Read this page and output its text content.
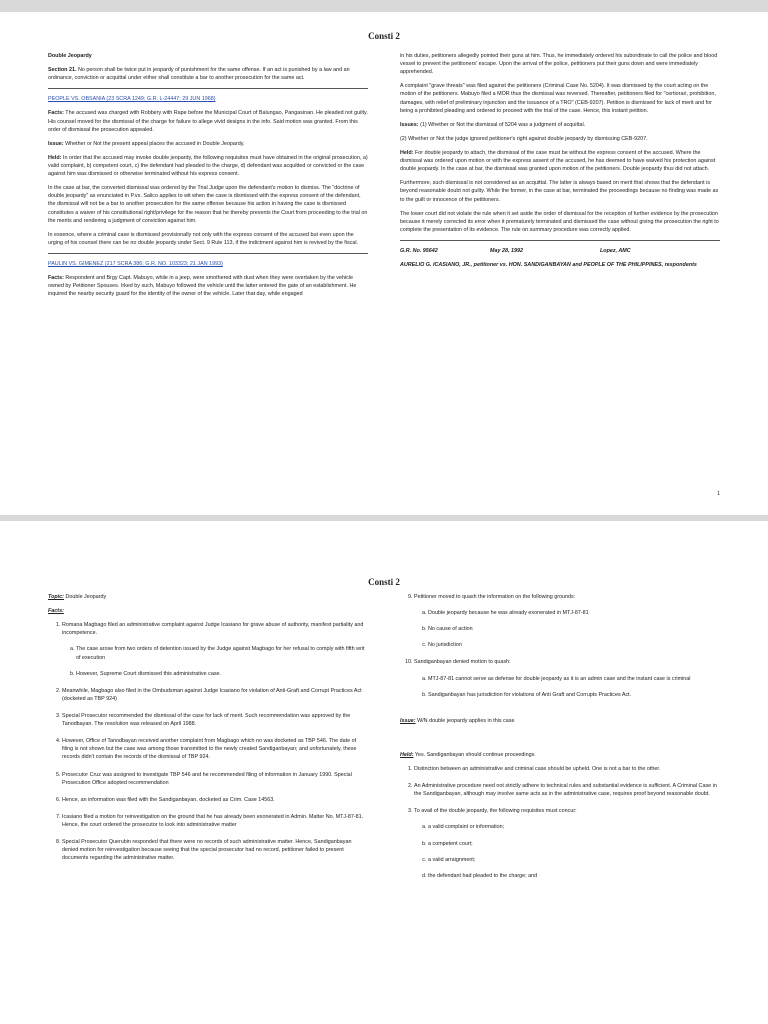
Consti 2

Double Jeopardy

Section 21. No person shall be twice put in jeopardy of punishment for the same offense. If an act is punished by a law and an ordinance, conviction or acquittal under either shall constitute a bar to another prosecution for the same act.

PEOPLE VS. OBSANIA (23 SCRA 1249; G.R. L-24447; 29 JUN 1968)

Facts: The accused was charged with Robbery with Rape before the Municipal Court of Balungao, Pangasinan. He pleaded not guilty. His counsel moved for the dismissal of the charge for failure to allege vivid designs in the info. Said motion was granted. From this order of dismissal the prosecution appealed.

Issue: Whether or Not the present appeal places the accused in Double Jeopardy.

Held: In order that the accused may invoke double jeopardy, the following requisites must have obtained in the original prosecution, a) valid complaint, b) competent court, c) the defendant had pleaded to the charge, d) defendant was acquitted or convicted or the case against him was dismissed or otherwise terminated without his express consent.

In the case at bar, the converted dismissal was ordered by the Trial Judge upon the defendant's motion to dismiss. The "doctrine of double jeopardy" as enunciated in P.vs. Salico applies to wit when the case is dismissed with the express consent of the defendant, the dismissal will not be a bar to another prosecution for the same offense because his action in having the case is dismissed constitutes a waiver of his constitutional right/privilege for the reason that he thereby prevents the Court from proceeding to the trial on the merits and rendering a judgment of conviction against him.

In essence, where a criminal case is dismissed provisionally not only with the express consent of the accused but even upon the urging of his counsel there can be no double jeopardy under Sect. 9 Rule 113, if the indictment against him is revived by the fiscal.

PAULIN VS. GIMENEZ (217 SCRA 386; G.R. NO. 103323; 21 JAN 1993)

Facts: Respondent and Brgy Capt. Mabuyo, while in a jeep, were smothered with dust when they were overtaken by the vehicle owned by Petitioner Spouses. Irked by such, Mabuyo followed the vehicle until the latter entered the gate of an establishment. He inquired the nearby security guard for the identity of the owner of the vehicle. Later that day, while engaged

in his duties, petitioners allegedly pointed their guns at him. Thus, he immediately ordered his subordinate to call the police and blood vessel to prevent the petitioners' escape. Upon the arrival of the police, petitioners put their guns down and were immediately apprehended.

A complaint "grave threats" was filed against the petitioners (Criminal Case No. 5204). It was dismissed by the court acting on the motion of the petitioners. Mabuyo filed a MOR thus the dismissal was reversed. Thereafter, petitioners filed for "certiorari, prohibition, damages, with relief of preliminary injunction and the issuance of a TRO" (CEB-9207). Petition is dismissed for lack of merit and for being a prohibited pleading and ordered to proceed with the trial of the case. Hence, this instant petition.

Issues: (1) Whether or Not the dismissal of 5204 was a judgment of acquittal.

(2) Whether or Not the judge ignored petitioner's right against double jeopardy by dismissing CEB-9207.

Held: For double jeopardy to attach, the dismissal of the case must be without the express consent of the accused. Where the dismissal was ordered upon motion or with the express assent of the accused, he has deemed to have waived his protection against double jeopardy. In the case at bar, the dismissal was granted upon motion of the petitioners. Double jeopardy thus did not attach.

Furthermore, such dismissal is not considered as an acquittal. The latter is always based on merit that shows that the defendant is beyond reasonable doubt not guilty. While the former, in the case at bar, terminated the proceedings because no finding was made as to the guilt or innocence of the petitioners.

The lower court did not violate the rule when it set aside the order of dismissal for the reception of further evidence by the prosecution because it merely corrected its error when it prematurely terminated and dismissed the case without giving the prosecution the right to complete the presentation of its evidence. The rule on summary procedure was correctly applied.

G.R. No. 95642	May 28, 1992	Lopez, AMC

AURELIO G. ICASIANO, JR., petitioner vs. HON. SANDIGANBAYAN and PEOPLE OF THE PHILIPPINES, respondents

1
Consti 2

Topic: Double Jeopardy

Facts:

1. Romana Magbago filed an administrative complaint against Judge Icasiano for grave abuse of authority, manifest partiality and incompetence.
a. The case arose from two orders of detention issued by the Judge against Magbago for her refusal to comply with fifth writ of execution
b. However, Supreme Court dismissed this administrative case.
2. Meanwhile, Magbago also filed in the Ombudsman against Judge Icasiano for violation of Anti-Graft and Corrupt Practices Act (docketed as TBP 924)
3. Special Prosecutor recommended the dismissal of the case for lack of merit. Such recommendation was approved by the Tanodbayan. The resolution was released on April 1988.
4. However, Office of Tanodbayan received another complaint from Magbago which no was docketed as TBP 546. The date of filing is not shown but the case was among those transmitted to the newly created Sandiganbayan; and unfortunately, these records didn't contain the records of the dismissal of TBP 924.
5. Prosecutor Cruz was assigned to investigate TBP 546 and he recommended filing of information in January 1990. Special Prosecution Office adopted recommendation
6. Hence, an information was filed with the Sandiganbayan, docketed as Crim. Case 14563.
7. Icasiano filed a motion for reinvestigation on the ground that he has already been exonerated in Admin. Matter No. MTJ-87-81. Hence, the court ordered the prosecutor to look into administrative matter
8. Special Prosecutor Querubin responded that there were no records of such administrative matter. Hence, Sandiganbayan denied motion for reinvestigation because seeing that the special prosecutor had no record, petitioner failed to present documents regarding the administrative matter.
9. Petitioner moved to quash the information on the following grounds:
a. Double jeopardy because he was already exonerated in MTJ-87-81
b. No cause of action
c. No jurisdiction
10. Sandiganbayan denied motion to quash:
a. MTJ-87-81 cannot serve as defense for double jeopardy as it is an admin case and the instant case is criminal
b. Sandiganbayan has jurisdiction for violations of Anti Graft and Corrupts Practices Act.

Issue: W/N double jeopardy applies in this case

Held: Yes. Sandiganbayan should continue proceedings.

1. Distinction between an administrative and criminal case should be upheld. One is not a bar to the other.
2. An Administrative procedure need not strictly adhere to technical rules and substantial evidence is sufficient. A Criminal Case in the Sandiganbayan, although may involve same acts as in the administrative case, requires proof beyond reasonable doubt.
3. To avail of the double jeopardy, the following requisites must concur:
a. a valid complaint or information;
b. a competent court;
c. a valid arraignment;
d. the defendant had pleaded to the charge; and
